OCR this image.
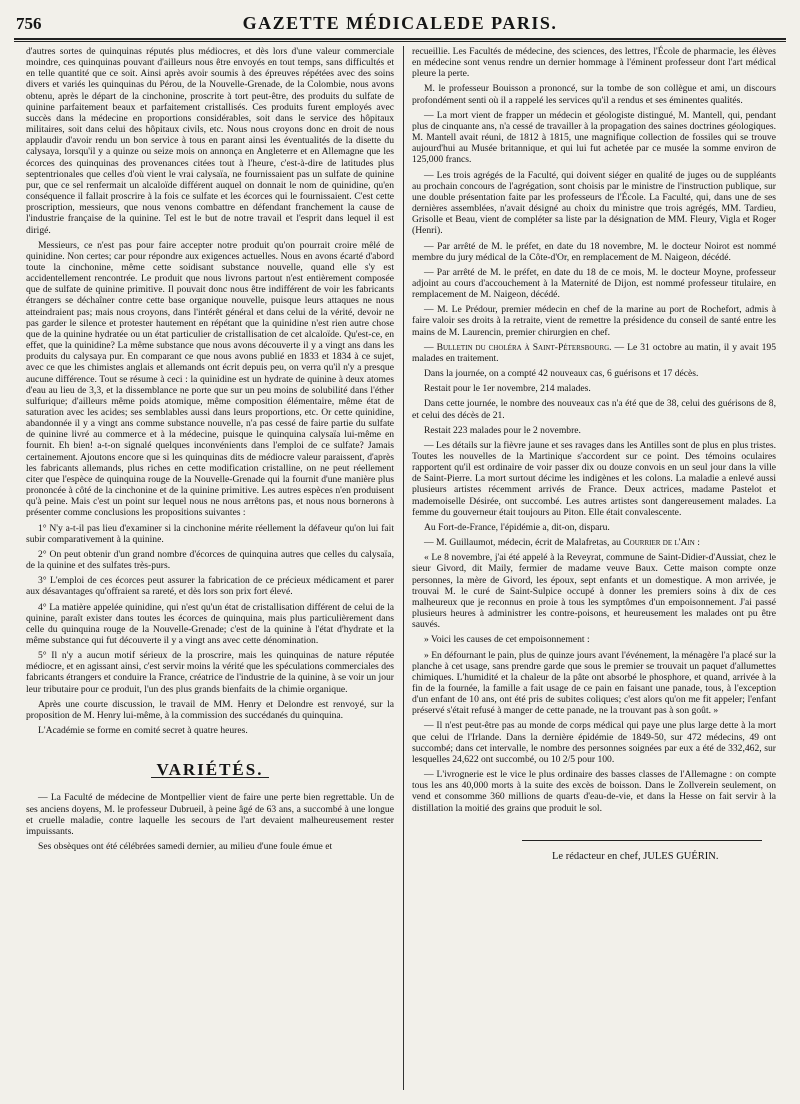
756	GAZETTE MÉDICALEDE PARIS.

d'autres sortes de quinquinas réputés plus médiocres, et dès lors d'une valeur commerciale moindre, ces quinquinas pouvant d'ailleurs nous être envoyés en tout temps, sans difficultés et en telle quantité que ce soit. Ainsi après avoir soumis à des épreuves répétées avec des soins divers et variés les quinquinas du Pérou, de la Nouvelle-Grenade, de la Colombie, nous avons obtenu, après le départ de la cinchonine, proscrite à tort peut-être, des produits du sulfate de quinine parfaitement beaux et parfaitement cristallisés. Ces produits furent employés avec succès dans la médecine en proportions considérables, soit dans le service des hôpitaux militaires, soit dans celui des hôpitaux civils, etc. Nous nous croyons donc en droit de nous applaudir d'avoir rendu un bon service à tous en parant ainsi les éventualités de la disette du calysaya, lorsqu'il y a quinze ou seize mois on annonça en Angleterre et en Allemagne que les écorces des quinquinas des provenances citées tout à l'heure, c'est-à-dire de latitudes plus septentrionales que celles d'où vient le vrai calysaïa, ne fournissaient pas un sulfate de quinine pur, que ce sel renfermait un alcaloïde différent auquel on donnait le nom de quinidine, qu'en conséquence il fallait proscrire à la fois ce sulfate et les écorces qui le fournissaient. C'est cette proscription, messieurs, que nous venons combattre en défendant franchement la cause de l'industrie française de la quinine. Tel est le but de notre travail et l'esprit dans lequel il est dirigé.

Messieurs, ce n'est pas pour faire accepter notre produit qu'on pourrait croire mêlé de quinidine. Non certes; car pour répondre aux exigences actuelles. Nous en avons écarté d'abord toute la cinchonine, même cette soidisant substance nouvelle, quand elle s'y est accidentellement rencontrée. Le produit que nous livrons partout n'est entièrement composée que de sulfate de quinine primitive. Il pouvait donc nous être indifférent de voir les fabricants étrangers se déchaîner contre cette base organique nouvelle, puisque leurs attaques ne nous atteindraient pas; mais nous croyons, dans l'intérêt général et dans celui de la vérité, devoir ne pas garder le silence et protester hautement en répétant que la quinidine n'est rien autre chose que de la quinine hydratée ou un état particulier de cristallisation de cet alcaloïde. Qu'est-ce, en effet, que la quinidine? La même substance que nous avons découverte il y a vingt ans dans les produits du calysaya pur. En comparant ce que nous avons publié en 1833 et 1834 à ce sujet, avec ce que les chimistes anglais et allemands ont écrit depuis peu, on verra qu'il n'y a presque aucune différence. Tout se résume à ceci : la quinidine est un hydrate de quinine à deux atomes d'eau au lieu de 3,3, et la dissemblance ne porte que sur un peu moins de solubilité dans l'éther sulfurique; d'ailleurs même poids atomique, même composition élémentaire, même état de saturation avec les acides; ses semblables aussi dans leurs proportions, etc. Or cette quinidine, abandonnée il y a vingt ans comme substance nouvelle, n'a pas cessé de faire partie du sulfate de quinine livré au commerce et à la médecine, puisque le quinquina calysaïa lui-même en fournit. Eh bien! a-t-on signalé quelques inconvénients dans l'emploi de ce sulfate? Jamais certainement. Ajoutons encore que si les quinquinas dits de médiocre valeur paraissent, d'après les fabricants allemands, plus riches en cette modification cristalline, on ne peut réellement citer que l'espèce de quinquina rouge de la Nouvelle-Grenade qui la fournit d'une manière plus prononcée à côté de la cinchonine et de la quinine primitive. Les autres espèces n'en produisent qu'à peine. Mais c'est un point sur lequel nous ne nous arrêtons pas, et nous nous bornerons à présenter comme conclusions les propositions suivantes :

1° N'y a-t-il pas lieu d'examiner si la cinchonine mérite réellement la défaveur qu'on lui fait subir comparativement à la quinine.

2° On peut obtenir d'un grand nombre d'écorces de quinquina autres que celles du calysaïa, de la quinine et des sulfates très-purs.

3° L'emploi de ces écorces peut assurer la fabrication de ce précieux médicament et parer aux désavantages qu'offraient sa rareté, et dès lors son prix fort élevé.

4° La matière appelée quinidine, qui n'est qu'un état de cristallisation différent de celui de la quinine, paraît exister dans toutes les écorces de quinquina, mais plus particulièrement dans celle du quinquina rouge de la Nouvelle-Grenade; c'est de la quinine à l'état d'hydrate et la même substance qui fut découverte il y a vingt ans avec cette dénomination.

5° Il n'y a aucun motif sérieux de la proscrire, mais les quinquinas de nature réputée médiocre, et en agissant ainsi, c'est servir moins la vérité que les spéculations commerciales des fabricants étrangers et conduire la France, créatrice de l'industrie de la quinine, à se voir un jour leur tributaire pour ce produit, l'un des plus grands bienfaits de la chimie organique.

Après une courte discussion, le travail de MM. Henry et Delondre est renvoyé, sur la proposition de M. Henry lui-même, à la commission des succédanés du quinquina.

L'Académie se forme en comité secret à quatre heures.

VARIÉTÉS.

— La Faculté de médecine de Montpellier vient de faire une perte bien regrettable. Un de ses anciens doyens, M. le professeur Dubrueil, à peine âgé de 63 ans, a succombé à une longue et cruelle maladie, contre laquelle les secours de l'art devaient malheureusement rester impuissants.

Ses obsèques ont été célébrées samedi dernier, au milieu d'une foule émue et

recueillie. Les Facultés de médecine, des sciences, des lettres, l'École de pharmacie, les élèves en médecine sont venus rendre un dernier hommage à l'éminent professeur dont l'art médical pleure la perte.

M. le professeur Bouisson a prononcé, sur la tombe de son collègue et ami, un discours profondément senti où il a rappelé les services qu'il a rendus et ses éminentes qualités.

— La mort vient de frapper un médecin et géologiste distingué, M. Mantell, qui, pendant plus de cinquante ans, n'a cessé de travailler à la propagation des saines doctrines géologiques. M. Mantell avait réuni, de 1812 à 1815, une magnifique collection de fossiles qui se trouve aujourd'hui au Musée britannique, et qui lui fut achetée par ce musée la somme environ de 125,000 francs.

— Les trois agrégés de la Faculté, qui doivent siéger en qualité de juges ou de suppléants au prochain concours de l'agrégation, sont choisis par le ministre de l'instruction publique, sur une double présentation faite par les professeurs de l'École. La Faculté, qui, dans une de ses dernières assemblées, n'avait désigné au choix du ministre que trois agrégés, MM. Tardieu, Grisolle et Beau, vient de compléter sa liste par la désignation de MM. Fleury, Vigla et Roger (Henri).

— Par arrêté de M. le préfet, en date du 18 novembre, M. le docteur Noirot est nommé membre du jury médical de la Côte-d'Or, en remplacement de M. Naigeon, décédé.

— Par arrêté de M. le préfet, en date du 18 de ce mois, M. le docteur Moyne, professeur adjoint au cours d'accouchement à la Maternité de Dijon, est nommé professeur titulaire, en remplacement de M. Naigeon, décédé.

— M. Le Prédour, premier médecin en chef de la marine au port de Rochefort, admis à faire valoir ses droits à la retraite, vient de remettre la présidence du conseil de santé entre les mains de M. Laurencin, premier chirurgien en chef.

— Bulletin du choléra à Saint-Pétersbourg. — Le 31 octobre au matin, il y avait 195 malades en traitement.

Dans la journée, on a compté 42 nouveaux cas, 6 guérisons et 17 décès.

Restait pour le 1er novembre, 214 malades.

Dans cette journée, le nombre des nouveaux cas n'a été que de 38, celui des guérisons de 8, et celui des décès de 21.

Restait 223 malades pour le 2 novembre.

— Les détails sur la fièvre jaune et ses ravages dans les Antilles sont de plus en plus tristes. Toutes les nouvelles de la Martinique s'accordent sur ce point. Des témoins oculaires rapportent qu'il est ordinaire de voir passer dix ou douze convois en un seul jour dans la ville de Saint-Pierre. La mort surtout décime les indigènes et les colons. La maladie a enlevé aussi plusieurs artistes récemment arrivés de France. Deux actrices, madame Pastelot et mademoiselle Désirée, ont succombé. Les autres artistes sont dangereusement malades. La femme du gouverneur était toujours au Piton. Elle était convalescente.

Au Fort-de-France, l'épidémie a, dit-on, disparu.

— M. Guillaumot, médecin, écrit de Malafretas, au Courrier de l'Ain :

« Le 8 novembre, j'ai été appelé à la Reveyrat, commune de Saint-Didier-d'Aussiat, chez le sieur Givord, dit Maily, fermier de madame veuve Baux. Cette maison compte onze personnes, la mère de Givord, les époux, sept enfants et un domestique. A mon arrivée, je trouvai M. le curé de Saint-Sulpice occupé à donner les premiers soins à dix de ces malheureux que je reconnus en proie à tous les symptômes d'un empoisonnement. J'ai passé plusieurs heures à administrer les contre-poisons, et heureusement les malades ont pu être sauvés.

» Voici les causes de cet empoisonnement :

» En défournant le pain, plus de quinze jours avant l'événement, la ménagère l'a placé sur la planche à cet usage, sans prendre garde que sous le premier se trouvait un paquet d'allumettes chimiques. L'humidité et la chaleur de la pâte ont absorbé le phosphore, et quand, arrivée à la fin de la fournée, la famille a fait usage de ce pain en faisant une panade, tous, à l'exception d'un enfant de 10 ans, ont été pris de subites coliques; c'est alors qu'on me fit appeler; l'enfant préservé s'était refusé à manger de cette panade, ne la trouvant pas à son goût. »

— Il n'est peut-être pas au monde de corps médical qui paye une plus large dette à la mort que celui de l'Irlande. Dans la dernière épidémie de 1849-50, sur 472 médecins, 49 ont succombé; dans cet intervalle, le nombre des personnes soignées par eux a été de 332,462, sur lesquelles 24,622 ont succombé, ou 10 2/5 pour 100.

— L'ivrognerie est le vice le plus ordinaire des basses classes de l'Allemagne : on compte tous les ans 40,000 morts à la suite des excès de boisson. Dans le Zollverein seulement, on vend et consomme 360 millions de quarts d'eau-de-vie, et dans la Hesse on fait servir à la distillation la moitié des grains que produit le sol.

Le rédacteur en chef, JULES GUÉRIN.
